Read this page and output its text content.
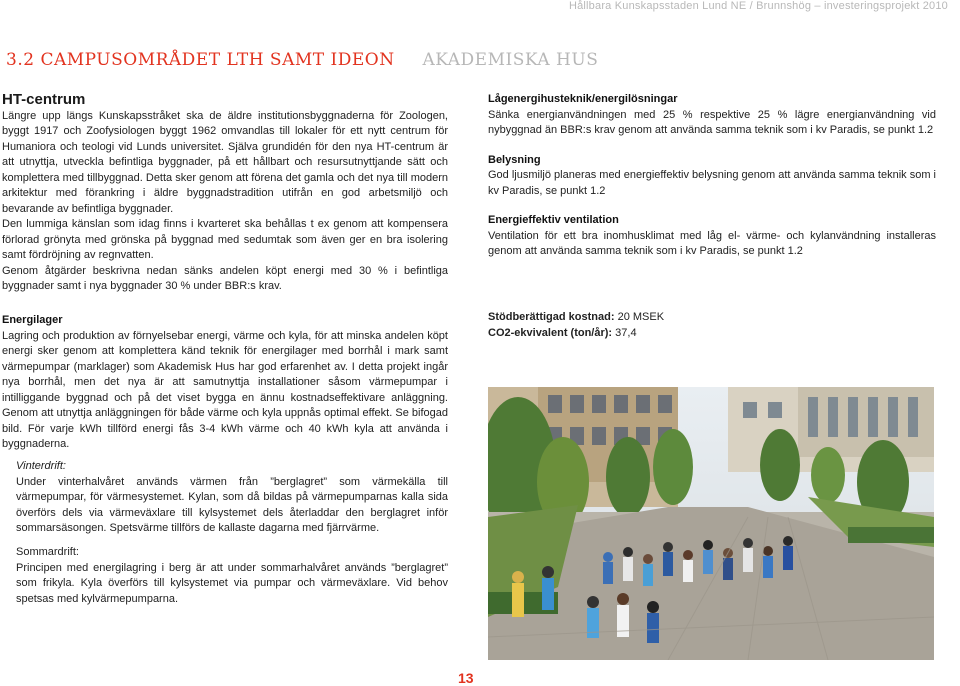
Hållbara Kunskapsstaden Lund NE / Brunnshög – investeringsprojekt 2010
3.2 CAMPUSOMRÅDET LTH SAMT IDEON AKADEMISKA HUS
HT-centrum

Längre upp längs Kunskapsstråket ska de äldre institutionsbyggnaderna för Zoologen, byggt 1917 och Zoofysiologen byggt 1962 omvandlas till lokaler för ett nytt centrum för Humaniora och teologi vid Lunds universitet. Själva grundidén för den nya HT-centrum är att utnyttja, utveckla befintliga byggnader, på ett hållbart och resursutnyttjande sätt och komplettera med tillbyggnad. Detta sker genom att förena det gamla och det nya till modern arkitektur med förankring i äldre byggnadstradition utifrån en god arbetsmiljö och bevarande av befintliga byggnader.

Den lummiga känslan som idag finns i kvarteret ska behållas t ex genom att kompensera förlorad grönyta med grönska på byggnad med sedumtak som även ger en bra isolering samt fördröjning av regnvatten.

Genom åtgärder beskrivna nedan sänks andelen köpt energi med 30 % i befintliga byggnader samt i nya byggnader 30 % under BBR:s krav.

Lågenergihusteknik/energilösningar

Sänka energianvändningen med 25 % respektive 25 % lägre energianvändning vid nybyggnad än BBR:s krav genom att använda samma teknik som i kv Paradis, se punkt 1.2

Belysning

God ljusmiljö planeras med energieffektiv belysning genom att använda samma teknik som i kv Paradis, se punkt 1.2

Energieffektiv ventilation

Ventilation för ett bra inomhusklimat med låg el- värme- och kylanvändning installeras genom att använda samma teknik som i kv Paradis, se punkt 1.2

Energilager

Lagring och produktion av förnyelsebar energi, värme och kyla, för att minska andelen köpt energi sker genom att komplettera känd teknik för energilager med borrhål i mark samt värmepumpar (marklager) som Akademisk Hus har god erfarenhet av. I detta projekt ingår nya borrhål, men det nya är att samutnyttja installationer såsom värmepumpar i intilliggande byggnad och på det viset bygga en ännu kostnadseffektivare anläggning. Genom att utnyttja anläggningen för både värme och kyla uppnås optimal effekt. Se bifogad bild. För varje kWh tillförd energi fås 3-4 kWh värme och 40 kWh kyla att använda i byggnaderna.

Vinterdrift:

Under vinterhalvåret används värmen från ”berglagret” som värmekälla till värmepumpar, för värmesystemet. Kylan, som då bildas på värmepumparnas kalla sida överförs dels via värmeväxlare till kylsystemet dels återladdar den berglagret inför sommarsäsongen. Spetsvärme tillförs de kallaste dagarna med fjärrvärme.

Sommardrift:

Principen med energilagring i berg är att under sommarhalvåret används ”berglagret” som frikyla. Kyla överförs till kylsystemet via pumpar och värmeväxlare. Vid behov spetsas med kylvärmepumparna.

Stödberättigad kostnad: 20 MSEK

CO2-ekvivalent (ton/år): 37,4

13
